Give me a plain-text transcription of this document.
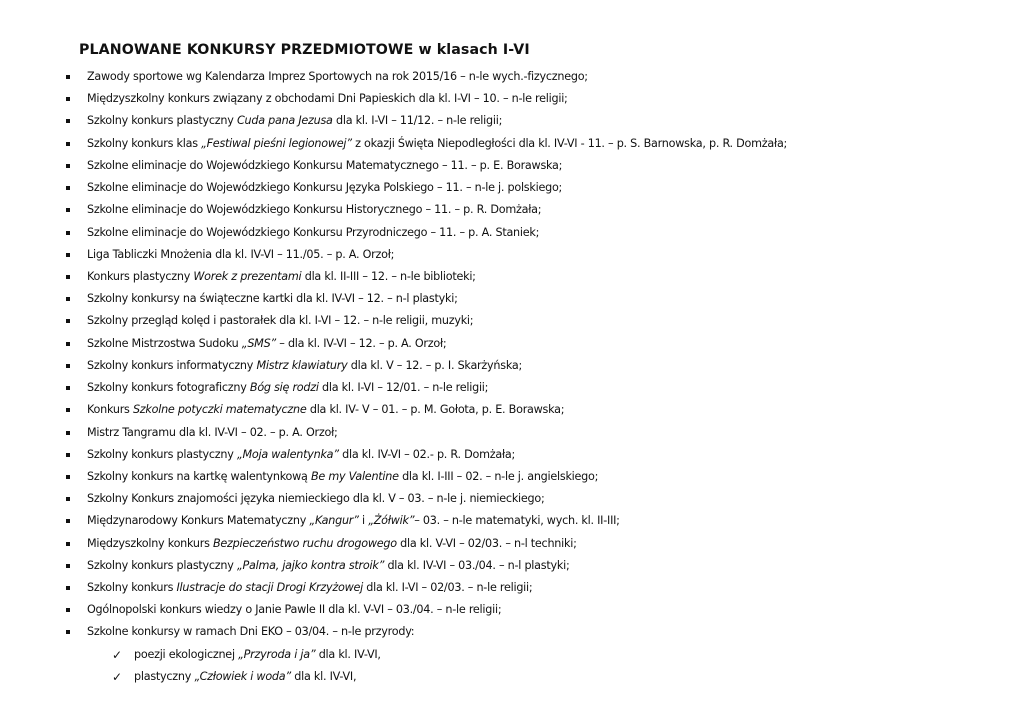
PLANOWANE KONKURSY PRZEDMIOTOWE w klasach I-VI
Zawody sportowe wg Kalendarza Imprez Sportowych na rok 2015/16 – n-le wych.-fizycznego;
Międzyszkolny konkurs związany z obchodami Dni Papieskich dla kl. I-VI – 10. – n-le religii;
Szkolny konkurs plastyczny Cuda pana Jezusa dla kl. I-VI – 11/12. – n-le religii;
Szkolny konkurs klas „Festiwal pieśni legionowej” z okazji Święta Niepodległości dla kl. IV-VI - 11. – p. S. Barnowska, p. R. Domżała;
Szkolne eliminacje do Wojewódzkiego Konkursu Matematycznego – 11. – p. E. Borawska;
Szkolne eliminacje do Wojewódzkiego Konkursu Języka Polskiego – 11. – n-le j. polskiego;
Szkolne eliminacje do Wojewódzkiego Konkursu Historycznego – 11. – p. R. Domżała;
Szkolne eliminacje do Wojewódzkiego Konkursu Przyrodniczego – 11. – p. A. Staniek;
Liga Tabliczki Mnożenia dla kl. IV-VI – 11./05. – p. A. Orzoł;
Konkurs plastyczny Worek z prezentami dla kl. II-III – 12. – n-le biblioteki;
Szkolny konkursy na świąteczne kartki dla kl. IV-VI – 12. – n-l plastyki;
Szkolny przegląd kolęd i pastorałek dla kl. I-VI – 12. – n-le religii, muzyki;
Szkolne Mistrzostwa Sudoku „SMS” – dla kl. IV-VI – 12. – p. A. Orzoł;
Szkolny konkurs informatyczny Mistrz klawiatury dla kl. V – 12. – p. I. Skarżyńska;
Szkolny konkurs fotograficzny Bóg się rodzi dla kl. I-VI – 12/01. – n-le religii;
Konkurs Szkolne potyczki matematyczne dla kl. IV- V – 01. – p. M. Gołota, p. E. Borawska;
Mistrz Tangramu dla kl. IV-VI – 02. – p. A. Orzoł;
Szkolny konkurs plastyczny „Moja walentynka” dla kl. IV-VI – 02.- p. R. Domżała;
Szkolny konkurs na kartkę walentynkową Be my Valentine dla kl. I-III – 02. – n-le j. angielskiego;
Szkolny Konkurs znajomości języka niemieckiego dla kl. V – 03. – n-le j. niemieckiego;
Międzynarodowy Konkurs Matematyczny „Kangur” i „Żółwik”– 03. – n-le matematyki, wych. kl. II-III;
Międzyszkolny konkurs Bezpieczeństwo ruchu drogowego dla kl. V-VI – 02/03. – n-l techniki;
Szkolny konkurs plastyczny „Palma, jajko kontra stroik” dla kl. IV-VI – 03./04. – n-l plastyki;
Szkolny konkurs Ilustracje do stacji Drogi Krzyżowej dla kl. I-VI – 02/03. – n-le religii;
Ogólnopolski konkurs wiedzy o Janie Pawle II dla kl. V-VI – 03./04. – n-le religii;
Szkolne konkursy w ramach Dni EKO – 03/04. – n-le przyrody:
✓ poezji ekologicznej „Przyroda i ja” dla kl. IV-VI,
✓ plastyczny „Człowiek i woda” dla kl. IV-VI,
